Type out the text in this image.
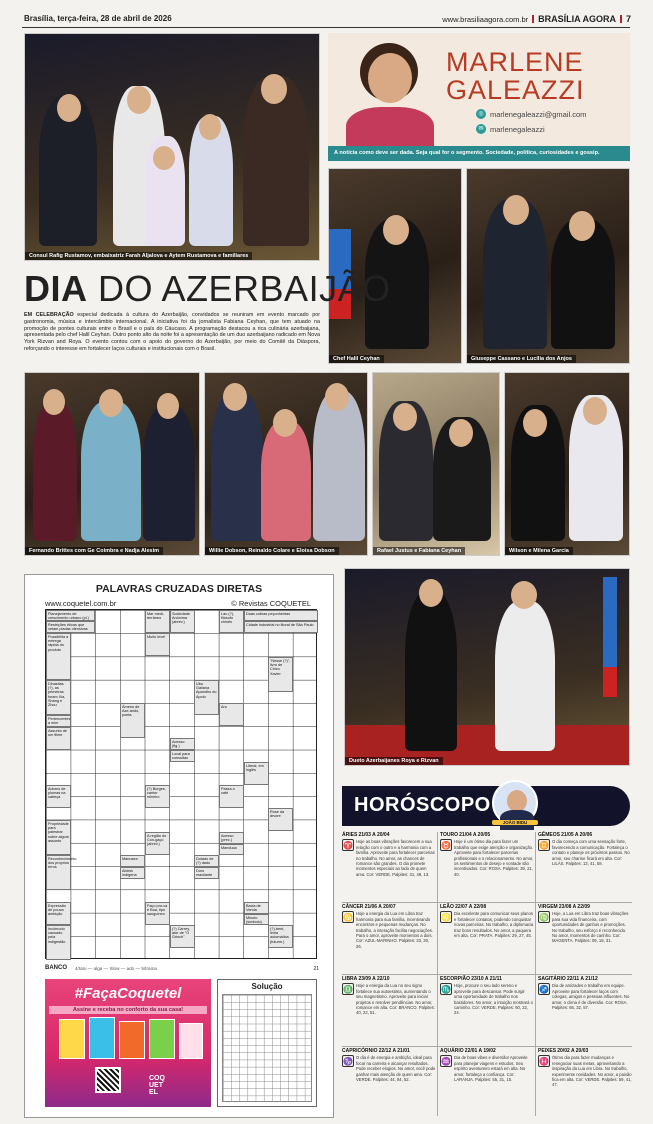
Brasília, terça-feira, 28 de abril de 2026	www.brasiliaagora.com.br BRASÍLIA AGORA 7
Consul Rafig Rustamov, embaixatriz Farah Aljalova e Aytem Rustamova e familiares
MARLENE
GALEAZZI
◎ marlenegaleazzi@gmail.com
✉ marlenegaleazzi
A notícia como deve ser dada. Seja qual for o segmento. Sociedade, política, curiosidades e gossip.
Chef Halil Ceyhan	Giuseppe Cassano e Lucília dos Anjos
DIA DO AZERBAIJÃO
EM CELEBRAÇÃO especial dedicada à cultura do Azerbaijão, convidados se reuniram em evento marcado por gastronomia, música e intercâmbio internacional. A iniciativa foi da jornalista Fabiana Ceyhan, que tem atuado na promoção de pontes culturais entre o Brasil e o país do Cáucaso. A programação destacou a rica culinária azerbaijana, apresentada pelo chef Halil Ceyhan. Outro ponto alto da noite foi a apresentação de um duo azerbaijano radicado em Nova York Rizvan and Roya. O evento contou com o apoio do governo do Azerbaijão, por meio do Comitê da Diáspora, reforçando o interesse em fortalecer laços culturais e institucionais com o Brasil.
Fernando Brittes com Ge Coimbra e Nadja Alesim	Willie Dobson, Reinaldo Colare e Eloisa Dobson	Rafael Justus e Fabiana Ceyhan	Wilson e Milena Garcia
PALAVRAS CRUZADAS DIRETAS
www.coquetel.com.br	© Revistas COQUETEL
Planejamento de crescimento urbano (pl.)
Restrições éticas que vetam piadas ofensivas
Mar medi-terrâneo
Sociedade Anônima (abrev.)
Lau (?), filósofo chinês
Duas cobras peçonhentas
Cidade industrial no litoral de São Paulo
Possibilita a entrega rápida do produto
Muito leve!
"Nesse (?)", livro de Chico Xavier
Dinastias (?), as primeiras foram Xia, Shang e Zhou
Ubu Galiana Apandhu do Apolo
Pertencentes a mim
Âmeno de Aze-ando, poeta
Aro
Assunto de um filme
Acesso (fig.)
Local para consultas
Literal, em inglês
Adorno de plumas na cabeça
(?) Borges, cantor mineiro
Passa o café
Rose da árvore
Propriedade para palestrar sobre algum assunto
A região do Con-gaço (abrev.)
Acesso (prec.)
Manduca
Reconhecimento dos próprios erros
Manusea	Dotado de (?) dado
Duro maxilante
Aldeia indígena
Faço pro-va e Boa, tipo sanguíneo
Expressão de pouca ambição
Bacia de Venda
Minuto (símbolo)
Incômodo causado pela indigestão
(?) Carrey, ator de "O Grinch"
(?)-bent, linha automática (futurm.)
BANCO 4/tatu — alga — Slow — ado — 5/trama	21
#FaçaCoquetel
Assine e receba no conforto da sua casa!
COQUETEL
Solução
Dueto Azerbaijanes Roya e Rizvan
HORÓSCOPO
JOÃO BIDU
ÁRIES 21/03 A 20/04
♈ Hoje as boas vibrações favorecem a sua relação com o outro e a harmonia com a família. Aproveite para fortalecer parcerias no trabalho. No amor, as chances de romance são grandes. O dia promete momentos especiais ao lado de quem ama. Cor: VERDE. Palpites: 31, 49, 13.
TOURO 21/04 A 20/05
♉ Hoje é um ótimo dia para fazer um trabalho que exige atenção e organização. Aproveite para fortalecer parcerias profissionais e o relacionamento. No amor, os sentimentos de desejo e vontade são incentivados. Cor: ROSA. Palpites: 39, 21, 40.
GÊMEOS 21/05 A 20/06
♊ O dia começa com uma sensação forte, favorecendo a comunicação. Fortaleça o contato e planeje os próximos passos. No amor, seu charme ficará em alta. Cor: LILÁS. Palpites: 13, 41, 58.
CÂNCER 21/06 A 20/07
♋ Hoje a energia da Lua em Libra traz harmonia para sua família, incentivando encontros e pequenas mudanças. No trabalho, a interação facilita negociações. Para o amor, aproveite momentos a dois. Cor: AZUL-MARINHO. Palpites: 33, 30, 26.
LEÃO 22/07 A 22/08
♌ Dia excelente para comunicar seus planos e fortalecer contatos, podendo conquistar novas parcerias. No trabalho, a diplomacia traz bons resultados. No amor, a paquera em alta. Cor: PRATA. Palpites: 29, 27, 45.
VIRGEM 23/08 A 22/09
♍ Hoje, a Lua em Libra traz boas vibrações para sua vida financeira, com oportunidades de ganhos e promoções. No trabalho, seu esforço é reconhecido. No amor, momentos de carinho. Cor: MAGENTA. Palpites: 09, 18, 31.
LIBRA 23/09 A 22/10
♎ Hoje a energia da Lua no seu signo fortalece sua autoestima, aumentando o seu magnetismo. Aproveite para iniciar projetos e resolver pendências. No amor, romance em alta. Cor: BRANCO. Palpites: 40, 22, 51.
ESCORPIÃO 23/10 A 21/11
♏ Hoje, procure o seu lado sereno e aproveite para descansar. Pode surgir uma oportunidade de trabalho nos bastidores. No amor, a intuição mostrará o caminho. Cor: VERDE. Palpites: 60, 22, 24.
SAGITÁRIO 22/11 A 21/12
♐ Dia de amizades e trabalho em equipe. Aproveite para fortalecer laços com colegas, amigos e pessoas influentes. No amor, o clima é de diversão. Cor: ROSA. Palpites: 66, 32, 57.
CAPRICÓRNIO 22/12 A 21/01
♑ O dia é de energia e ambição, ideal para focar na carreira e alcançar resultados. Pode receber elogios. No amor, você pode ganhar mais atenção de quem ama. Cor: VERDE. Palpites: 44, 84, 52.
AQUÁRIO 22/01 A 19/02
♒ Dia de boas vibes e diversão! Aproveite para planejar viagens e estudos. Seu espírito aventureiro estará em alta. No amor, fortaleça a confiança. Cor: LARANJA. Palpites: 55, 31, 15.
PEIXES 20/02 A 20/03
♓ Ótimo dia para fazer mudanças e renegociar suas metas, aproveitando a inspiração da Lua em Libra. No trabalho, experimente novidades. No amor, a paixão fica em alta. Cor: VERDE. Palpites: 59, 41, 47.
